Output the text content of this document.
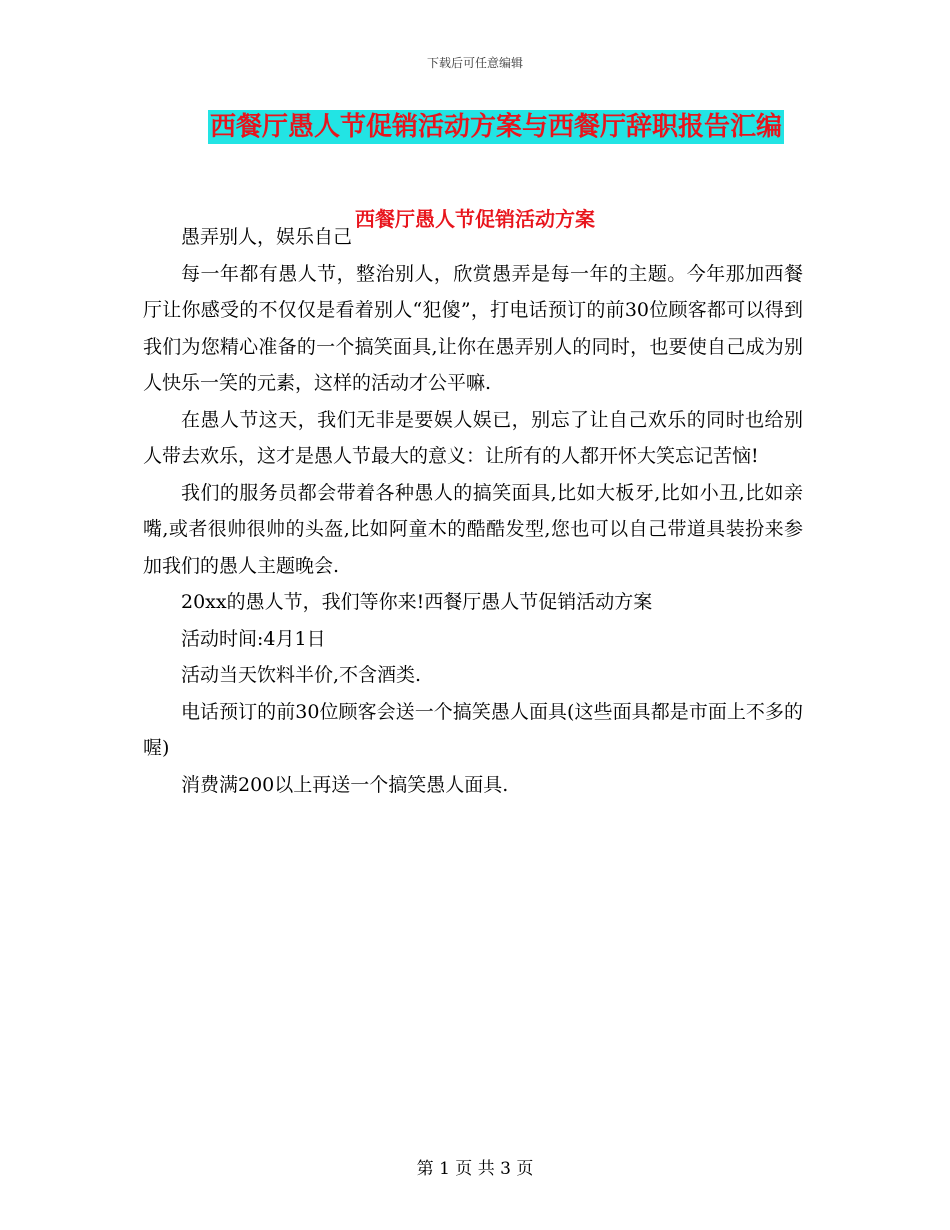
下载后可任意编辑
西餐厅愚人节促销活动方案与西餐厅辞职报告汇编
西餐厅愚人节促销活动方案

愚弄别人，娱乐自己

每一年都有愚人节，整治别人，欣赏愚弄是每一年的主题。今年那加西餐厅让你感受的不仅仅是看着别人“犯傻”，打电话预订的前30位顾客都可以得到我们为您精心准备的一个搞笑面具,让你在愚弄别人的同时，也要使自己成为别人快乐一笑的元素，这样的活动才公平嘛.

在愚人节这天，我们无非是要娱人娱已，别忘了让自己欢乐的同时也给别人带去欢乐，这才是愚人节最大的意义：让所有的人都开怀大笑忘记苦恼!

我们的服务员都会带着各种愚人的搞笑面具,比如大板牙,比如小丑,比如亲嘴,或者很帅很帅的头盔,比如阿童木的酷酷发型,您也可以自己带道具装扮来参加我们的愚人主题晚会.

20xx的愚人节，我们等你来!西餐厅愚人节促销活动方案

活动时间:4月1日

活动当天饮料半价,不含酒类.

电话预订的前30位顾客会送一个搞笑愚人面具(这些面具都是市面上不多的喔)

消费满200以上再送一个搞笑愚人面具.

第 1 页 共 3 页
